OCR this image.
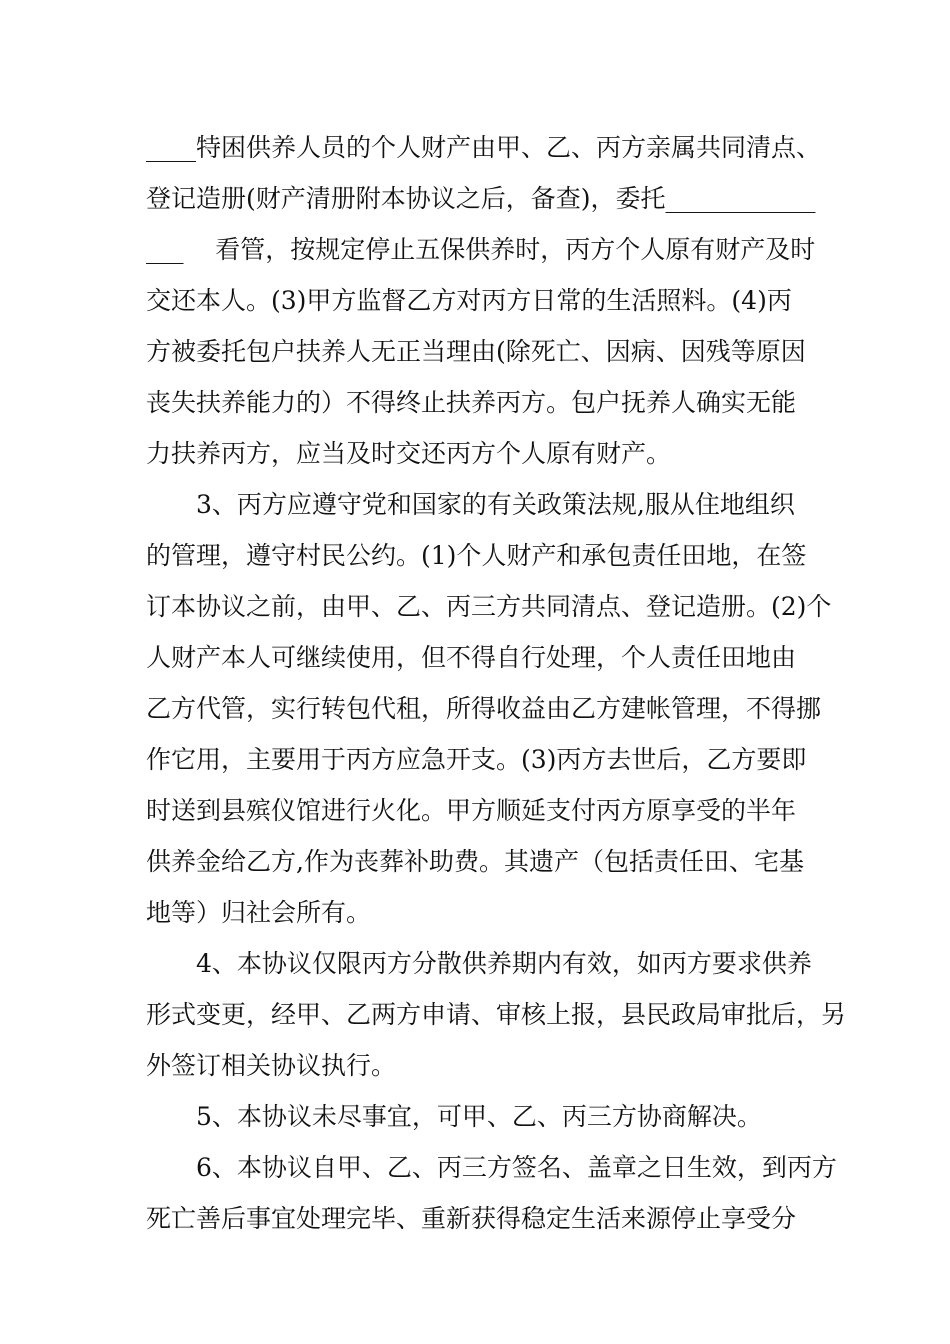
____特困供养人员的个人财产由甲、乙、丙方亲属共同清点、
登记造册(财产清册附本协议之后，备查)，委托____________
___    看管，按规定停止五保供养时，丙方个人原有财产及时
交还本人。(3)甲方监督乙方对丙方日常的生活照料。(4)丙
方被委托包户扶养人无正当理由(除死亡、因病、因残等原因
丧失扶养能力的）不得终止扶养丙方。包户抚养人确实无能
力扶养丙方，应当及时交还丙方个人原有财产。
3、丙方应遵守党和国家的有关政策法规,服从住地组织
的管理，遵守村民公约。(1)个人财产和承包责任田地，在签
订本协议之前，由甲、乙、丙三方共同清点、登记造册。(2)个
人财产本人可继续使用，但不得自行处理，个人责任田地由
乙方代管，实行转包代租，所得收益由乙方建帐管理，不得挪
作它用，主要用于丙方应急开支。(3)丙方去世后，乙方要即
时送到县殡仪馆进行火化。甲方顺延支付丙方原享受的半年
供养金给乙方,作为丧葬补助费。其遗产（包括责任田、宅基
地等）归社会所有。
4、本协议仅限丙方分散供养期内有效，如丙方要求供养
形式变更，经甲、乙两方申请、审核上报，县民政局审批后，另
外签订相关协议执行。
5、本协议未尽事宜，可甲、乙、丙三方协商解决。
6、本协议自甲、乙、丙三方签名、盖章之日生效，到丙方
死亡善后事宜处理完毕、重新获得稳定生活来源停止享受分
